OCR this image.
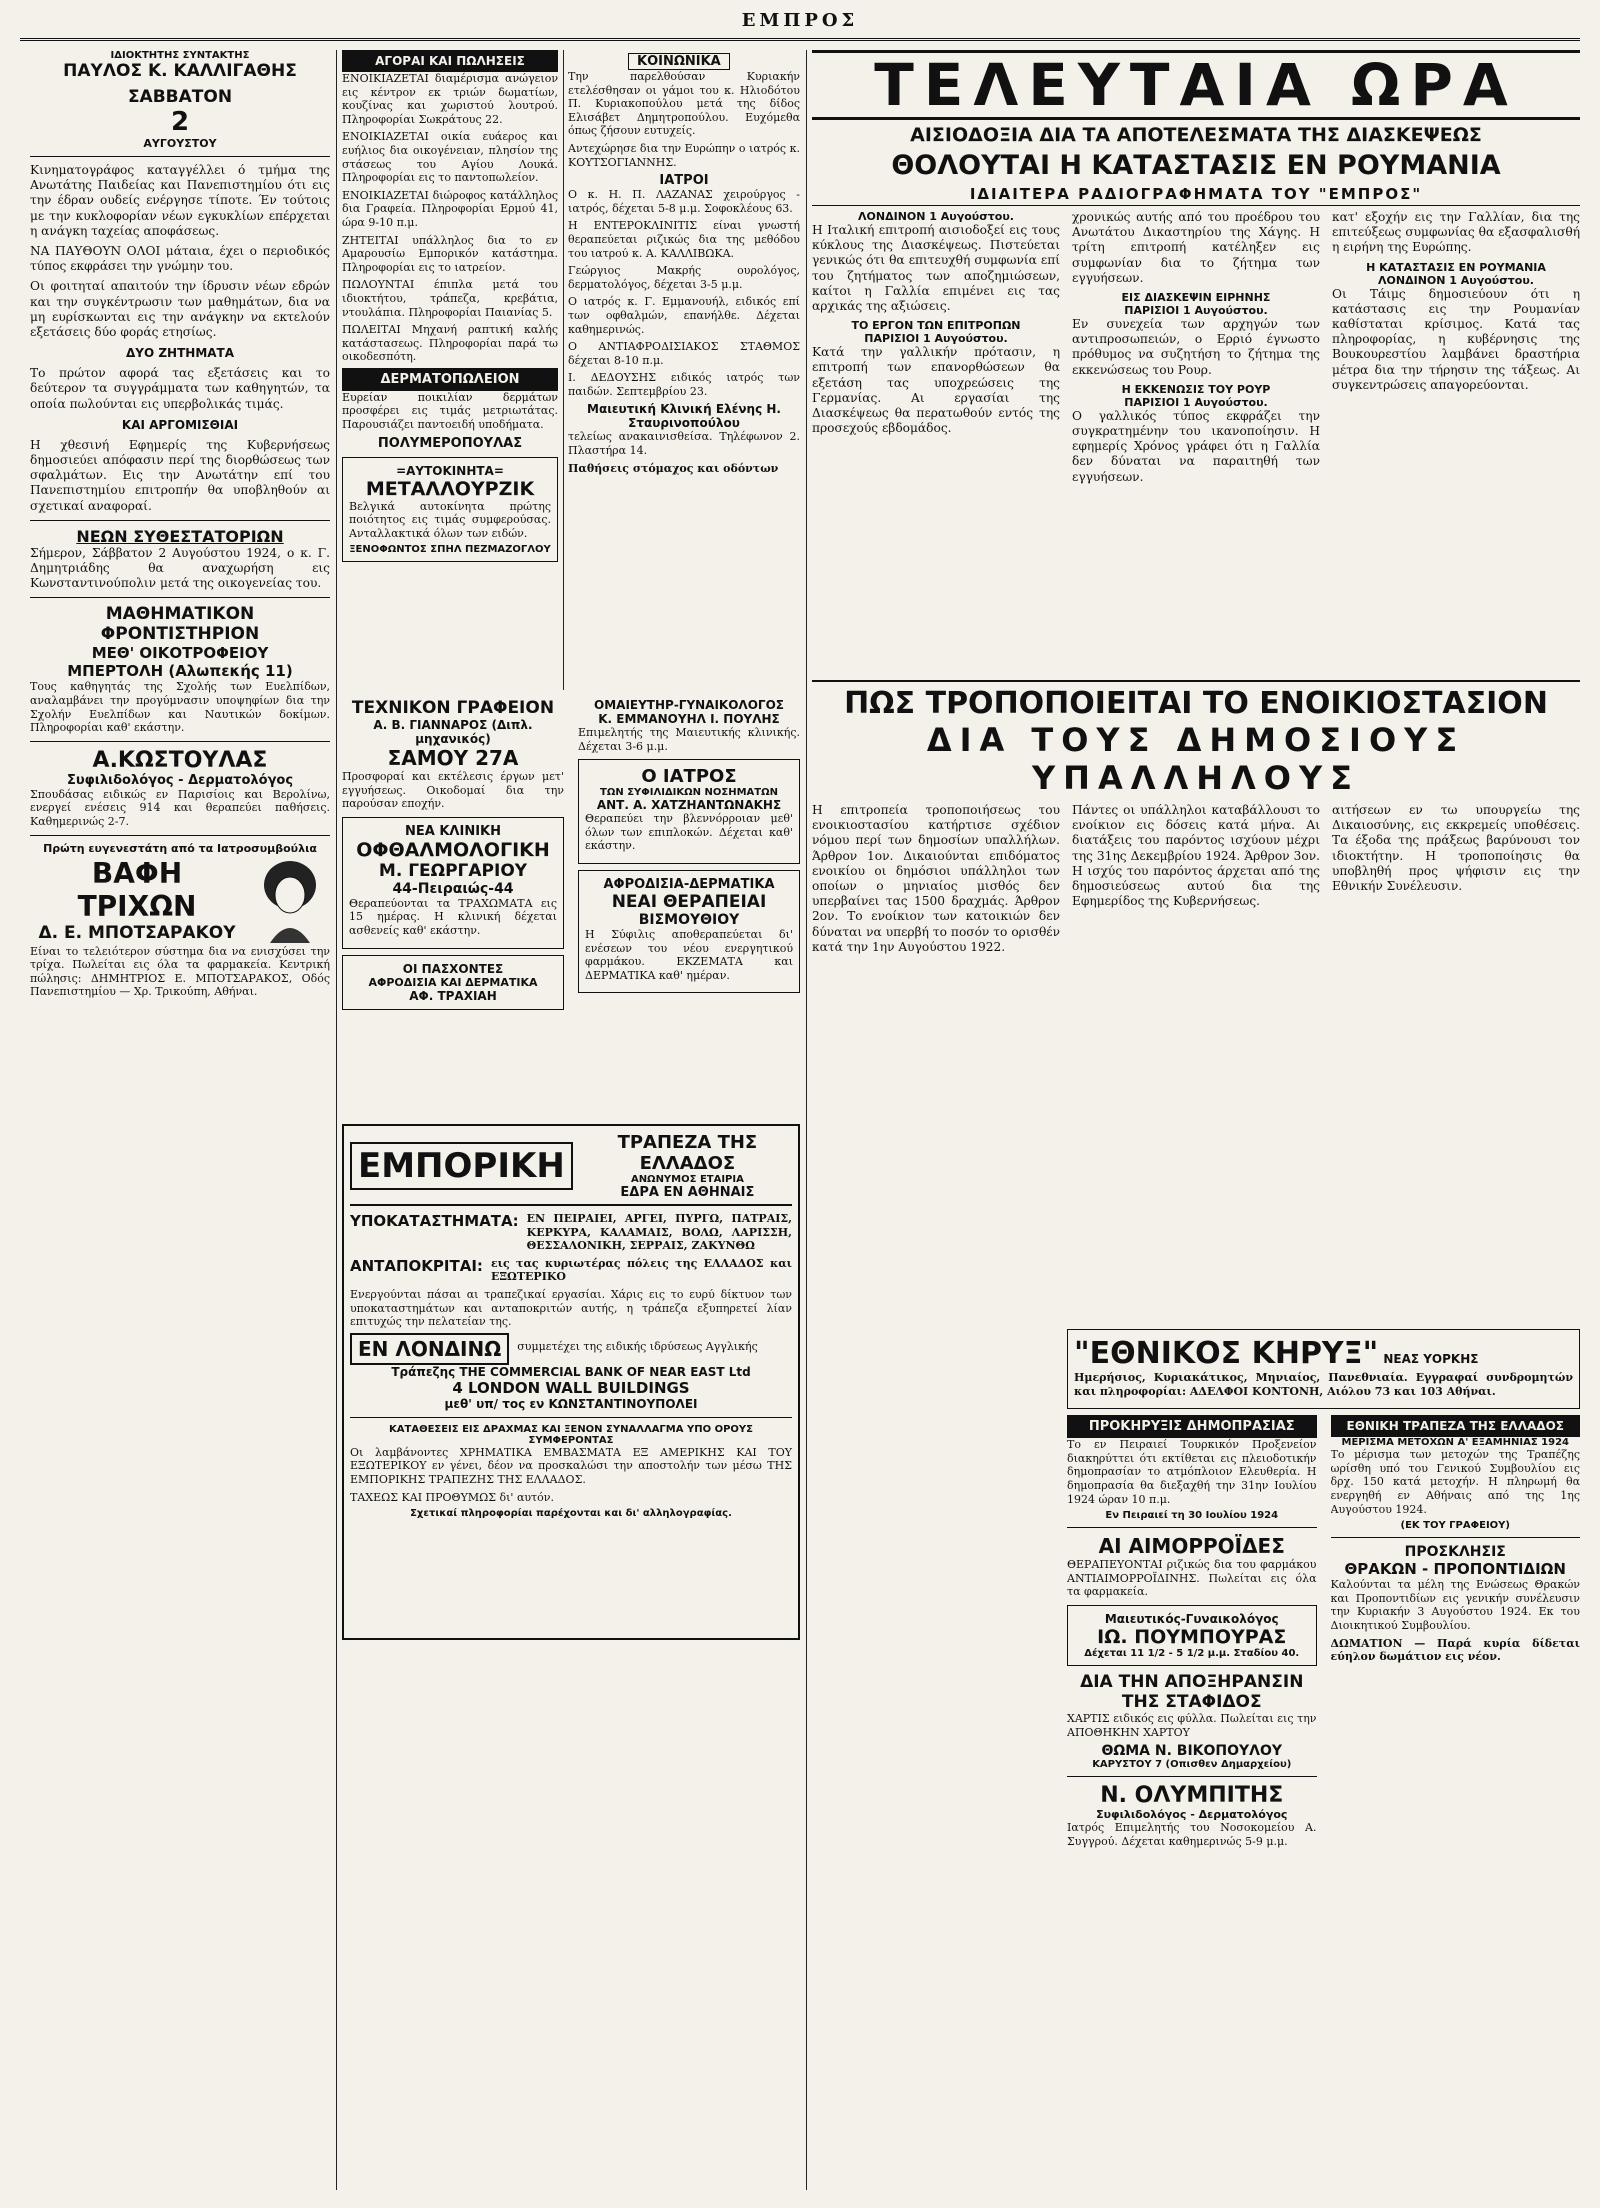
ΕΜΠΡΟΣ
ΙΔΙΟΚΤΗΤΗΣ ΣΥΝΤΑΚΤΗΣ
ΠΑΥΛΟΣ Κ. ΚΑΛΛΙΓΑΘΗΣ
ΣΑΒΒΑΤΟΝ
2
ΑΥΓΟΥΣΤΟΥ

Κινηματογράφος καταγγέλλει ό τμήμα της Ανωτάτης Παιδείας και Πανεπιστημίου ότι εις την έδραν ουδείς ενέργησε τίποτε. Έν τούτοις με την κυκλοφορίαν νέων εγκυκλίων επέρχεται η ανάγκη ταχείας αποφάσεως.

ΝΑ ΠΑΥΘΟΥΝ ΟΛΟΙ μάταια, έχει ο περιοδικός τύπος εκφράσει την γνώμην του.

Οι φοιτηταί απαιτούν την ίδρυσιν νέων εδρών και την συγκέντρωσιν των μαθημάτων, δια να μη ευρίσκωνται εις την ανάγκην να εκτελούν εξετάσεις δύο φοράς ετησίως.

ΔΥΟ ΖΗΤΗΜΑΤΑ

Το πρώτον αφορά τας εξετάσεις και το δεύτερον τα συγγράμματα των καθηγητών, τα οποία πωλούνται εις υπερβολικάς τιμάς.

ΚΑΙ ΑΡΓΟΜΙΣΘΙΑΙ

Η χθεσινή Εφημερίς της Κυβερνήσεως δημοσιεύει απόφασιν περί της διορθώσεως των σφαλμάτων. Εις την Ανωτάτην επί του Πανεπιστημίου επιτροπήν θα υποβληθούν αι σχετικαί αναφοραί.

ΝΕΩΝ ΣΥΘΕΣΤΑΤΟΡΙΩΝ

Σήμερον, Σάββατον 2 Αυγούστου 1924, ο κ. Γ. Δημητριάδης θα αναχωρήση εις Κωνσταντινούπολιν μετά της οικογενείας του.

ΜΑΘΗΜΑΤΙΚΟΝ ΦΡΟΝΤΙΣΤΗΡΙΟΝ
ΜΕΘ' ΟΙΚΟΤΡΟΦΕΙΟΥ
ΜΠΕΡΤΟΛΗ (Αλωπεκής 11)

Τους καθηγητάς της Σχολής των Ευελπίδων, αναλαμβάνει την προγύμνασιν υποψηφίων δια την Σχολήν Ευελπίδων και Ναυτικών δοκίμων. Πληροφορίαι καθ' εκάστην.

Α.ΚΩΣΤΟΥΛΑΣ
Συφιλιδολόγος - Δερματολόγος

Σπουδάσας ειδικώς εν Παρισίοις και Βερολίνω, ενεργεί ενέσεις 914 και θεραπεύει παθήσεις. Καθημερινώς 2-7.

Πρώτη ευγενεστάτη από τα Ιατροσυμβούλια
ΒΑΦΗ ΤΡΙΧΩΝ
Δ. Ε. ΜΠΟΤΣΑΡΑΚΟΥ

Είναι το τελειότερον σύστημα δια να ενισχύσει την τρίχα. Πωλείται εις όλα τα φαρμακεία. Κεντρική πώλησις: ΔΗΜΗΤΡΙΟΣ Ε. ΜΠΟΤΣΑΡΑΚΟΣ, Οδός Πανεπιστημίου — Χρ. Τρικούπη, Αθήναι.

ΑΓΟΡΑΙ ΚΑΙ ΠΩΛΗΣΕΙΣ

ΕΝΟΙΚΙΑΖΕΤΑΙ διαμέρισμα ανώγειον εις κέντρον εκ τριών δωματίων, κουζίνας και χωριστού λουτρού. Πληροφορίαι Σωκράτους 22.

ΕΝΟΙΚΙΑΖΕΤΑΙ οικία ευάερος και ευήλιος δια οικογένειαν, πλησίον της στάσεως του Αγίου Λουκά. Πληροφορίαι εις το παντοπωλείον.

ΕΝΟΙΚΙΑΖΕΤΑΙ διώροφος κατάλληλος δια Γραφεία. Πληροφορίαι Ερμού 41, ώρα 9-10 π.μ.

ΖΗΤΕΙΤΑΙ υπάλληλος δια το εν Αμαρουσίω Εμπορικόν κατάστημα. Πληροφορίαι εις το ιατρείον.

ΠΩΛΟΥΝΤΑΙ έπιπλα μετά του ιδιοκτήτου, τράπεζα, κρεβάτια, ντουλάπια. Πληροφορίαι Παιανίας 5.

ΠΩΛΕΙΤΑΙ Μηχανή ραπτική καλής κατάστασεως. Πληροφορίαι παρά τω οικοδεσπότη.

ΔΕΡΜΑΤΟΠΩΛΕΙΟΝ

Ευρείαν ποικιλίαν δερμάτων προσφέρει εις τιμάς μετριωτάτας. Παρουσιάζει παντοειδή υποδήματα.

ΠΟΛΥΜΕΡΟΠΟΥΛΑΣ
=ΑΥΤΟΚΙΝΗΤΑ=
ΜΕΤΑΛΛΟΥΡΖΙΚ

Βελγικά αυτοκίνητα πρώτης ποιότητος εις τιμάς συμφερούσας. Ανταλλακτικά όλων των ειδών.

ΞΕΝΟΦΩΝΤΟΣ ΣΠΗΛ ΠΕΖΜΑΖΟΓΛΟΥ
ΚΟΙΝΩΝΙΚΑ

Την παρελθούσαν Κυριακήν ετελέσθησαν οι γάμοι του κ. Ηλιοδότου Π. Κυριακοπούλου μετά της δίδος Ελισάβετ Δημητροπούλου. Ευχόμεθα όπως ζήσουν ευτυχείς.

Αντεχώρησε δια την Ευρώπην ο ιατρός κ. ΚΟΥΤΣΟΓΙΑΝΝΗΣ.

ΙΑΤΡΟΙ

Ο κ. Η. Π. ΛΑΖΑΝΑΣ χειρούργος - ιατρός, δέχεται 5-8 μ.μ. Σοφοκλέους 63.

Η ΕΝΤΕΡΟΚΛΙΝΙΤΙΣ είναι γνωστή θεραπεύεται ριζικώς δια της μεθόδου του ιατρού κ. Α. ΚΑΛΛΙΒΩΚΑ.

Γεώργιος Μακρής ουρολόγος, δερματολόγος, δέχεται 3-5 μ.μ.

Ο ιατρός κ. Γ. Εμμανουήλ, ειδικός επί των οφθαλμών, επανήλθε. Δέχεται καθημερινώς.

Ο ΑΝΤΙΑΦΡΟΔΙΣΙΑΚΟΣ ΣΤΑΘΜΟΣ δέχεται 8-10 π.μ.

Ι. ΔΕΔΟΥΣΗΣ ειδικός ιατρός των παιδών. Σεπτεμβρίου 23.

Μαιευτική Κλινική Ελένης Η. Σταυρινοπούλου

τελείως ανακαινισθείσα. Τηλέφωνον 2. Πλαστήρα 14.

Παθήσεις στόμαχος και οδόντων

ΤΕΧΝΙΚΟΝ ΓΡΑΦΕΙΟΝ
Α. Β. ΓΙΑΝΝΑΡΟΣ (Διπλ. μηχανικός)
ΣΑΜΟΥ 27Α

Προσφοραί και εκτέλεσις έργων μετ' εγγυήσεως. Οικοδομαί δια την παρούσαν εποχήν.

ΝΕΑ ΚΛΙΝΙΚΗ
ΟΦΘΑΛΜΟΛΟΓΙΚΗ
Μ. ΓΕΩΡΓΑΡΙΟΥ
44-Πειραιώς-44

Θεραπεύονται τα ΤΡΑΧΩΜΑΤΑ εις 15 ημέρας. Η κλινική δέχεται ασθενείς καθ' εκάστην.

ΟΙ ΠΑΣΧΟΝΤΕΣ
ΑΦΡΟΔΙΣΙΑ ΚΑΙ ΔΕΡΜΑΤΙΚΑ
ΑΦ. ΤΡΑΧΙΑΗ
ΟΜΑΙΕΥΤΗΡ-ΓΥΝΑΙΚΟΛΟΓΟΣ
Κ. ΕΜΜΑΝΟΥΗΛ Ι. ΠΟΥΛΗΣ

Επιμελητής της Μαιευτικής κλινικής. Δέχεται 3-6 μ.μ.

Ο ΙΑΤΡΟΣ
ΤΩΝ ΣΥΦΙΛΙΔΙΚΩΝ ΝΟΣΗΜΑΤΩΝ
ΑΝΤ. Α. ΧΑΤΖΗΑΝΤΩΝΑΚΗΣ

Θεραπεύει την βλεννόρροιαν μεθ' όλων των επιπλοκών. Δέχεται καθ' εκάστην.

ΑΦΡΟΔΙΣΙΑ-ΔΕΡΜΑΤΙΚΑ
ΝΕΑΙ ΘΕΡΑΠΕΙΑΙ
ΒΙΣΜΟΥΘΙΟΥ

Η Σύφιλις αποθεραπεύεται δι' ενέσεων του νέου ενεργητικού φαρμάκου. ΕΚΖΕΜΑΤΑ και ΔΕΡΜΑΤΙΚΑ καθ' ημέραν.

ΕΜΠΟΡΙΚΗ
ΤΡΑΠΕΖΑ ΤΗΣ ΕΛΛΑΔΟΣ
ΑΝΩΝΥΜΟΣ ΕΤΑΙΡΙΑ
ΕΔΡΑ ΕΝ ΑΘΗΝΑΙΣ
ΥΠΟΚΑΤΑΣΤΗΜΑΤΑ: ΕΝ ΠΕΙΡΑΙΕΙ, ΑΡΓΕΙ, ΠΥΡΓΩ, ΠΑΤΡΑΙΣ, ΚΕΡΚΥΡΑ, ΚΑΛΑΜΑΙΣ, ΒΟΛΩ, ΛΑΡΙΣΣΗ, ΘΕΣΣΑΛΟΝΙΚΗ, ΣΕΡΡΑΙΣ, ΖΑΚΥΝΘΩ

ΑΝΤΑΠΟΚΡΙΤΑΙ: εις τας κυριωτέρας πόλεις της ΕΛΛΑΔΟΣ και ΕΞΩΤΕΡΙΚΟ

Ενεργούνται πάσαι αι τραπεζικαί εργασίαι. Χάρις εις το ευρύ δίκτυον των υποκαταστημάτων και ανταποκριτών αυτής, η τράπεζα εξυπηρετεί λίαν επιτυχώς την πελατείαν της.

ΕΝ ΛΟΝΔΙΝΩ	συμμετέχει της ειδικής ιδρύσεως Αγγλικής

Τράπεζης THE COMMERCIAL BANK OF NEAR EAST Ltd
4 LONDON WALL BUILDINGS
μεθ' υπ/ τος εν ΚΩΝΣΤΑΝΤΙΝΟΥΠΟΛΕΙ
ΚΑΤΑΘΕΣΕΙΣ ΕΙΣ ΔΡΑΧΜΑΣ ΚΑΙ ΞΕΝΟΝ ΣΥΝΑΛΛΑΓΜΑ ΥΠΟ ΟΡΟΥΣ ΣΥΜΦΕΡΟΝΤΑΣ

Οι λαμβάνοντες ΧΡΗΜΑΤΙΚΑ ΕΜΒΑΣΜΑΤΑ ΕΞ ΑΜΕΡΙΚΗΣ ΚΑΙ ΤΟΥ ΕΞΩΤΕΡΙΚΟΥ εν γένει, δέον να προσκαλώσι την αποστολήν των μέσω ΤΗΣ ΕΜΠΟΡΙΚΗΣ ΤΡΑΠΕΖΗΣ ΤΗΣ ΕΛΛΑΔΟΣ.

ΤΑΧΕΩΣ ΚΑΙ ΠΡΟΘΥΜΩΣ δι' αυτόν.

Σχετικαί πληροφορίαι παρέχονται και δι' αλληλογραφίας.
ΤΕΛΕΥΤΑΙΑ ΩΡΑ
ΑΙΣΙΟΔΟΞΙΑ ΔΙΑ ΤΑ ΑΠΟΤΕΛΕΣΜΑΤΑ ΤΗΣ ΔΙΑΣΚΕΨΕΩΣ
ΘΟΛΟΥΤΑΙ Η ΚΑΤΑΣΤΑΣΙΣ ΕΝ ΡΟΥΜΑΝΙΑ
ΙΔΙΑΙΤΕΡΑ ΡΑΔΙΟΓΡΑΦΗΜΑΤΑ ΤΟΥ "ΕΜΠΡΟΣ"
ΛΟΝΔΙΝΟΝ 1 Αυγούστου.

Η Ιταλική επιτροπή αισιοδοξεί εις τους κύκλους της Διασκέψεως. Πιστεύεται γενικώς ότι θα επιτευχθή συμφωνία επί του ζητήματος των αποζημιώσεων, καίτοι η Γαλλία επιμένει εις τας αρχικάς της αξιώσεις.

ΤΟ ΕΡΓΟΝ ΤΩΝ ΕΠΙΤΡΟΠΩΝ
ΠΑΡΙΣΙΟΙ 1 Αυγούστου.

Κατά την γαλλικήν πρότασιν, η επιτροπή των επανορθώσεων θα εξετάση τας υποχρεώσεις της Γερμανίας. Αι εργασίαι της Διασκέψεως θα περατωθούν εντός της προσεχούς εβδομάδος.

χρονικώς αυτής από του προέδρου του Ανωτάτου Δικαστηρίου της Χάγης. Η τρίτη επιτροπή κατέληξεν εις συμφωνίαν δια το ζήτημα των εγγυήσεων.

ΕΙΣ ΔΙΑΣΚΕΨΙΝ ΕΙΡΗΝΗΣ
ΠΑΡΙΣΙΟΙ 1 Αυγούστου.

Εν συνεχεία των αρχηγών των αντιπροσωπειών, ο Ερριό έγνωστο πρόθυμος να συζητήση το ζήτημα της εκκενώσεως του Ρουρ.

Η ΕΚΚΕΝΩΣΙΣ ΤΟΥ ΡΟΥΡ
ΠΑΡΙΣΙΟΙ 1 Αυγούστου.

Ο γαλλικός τύπος εκφράζει την συγκρατημένην του ικανοποίησιν. Η εφημερίς Χρόνος γράφει ότι η Γαλλία δεν δύναται να παραιτηθή των εγγυήσεων.

κατ' εξοχήν εις την Γαλλίαν, δια της επιτεύξεως συμφωνίας θα εξασφαλισθή η ειρήνη της Ευρώπης.

Η ΚΑΤΑΣΤΑΣΙΣ ΕΝ ΡΟΥΜΑΝΙΑ
ΛΟΝΔΙΝΟΝ 1 Αυγούστου.

Οι Τάιμς δημοσιεύουν ότι η κατάστασις εις την Ρουμανίαν καθίσταται κρίσιμος. Κατά τας πληροφορίας, η κυβέρνησις της Βουκουρεστίου λαμβάνει δραστήρια μέτρα δια την τήρησιν της τάξεως. Αι συγκεντρώσεις απαγορεύονται.

ΠΩΣ ΤΡΟΠΟΠΟΙΕΙΤΑΙ ΤΟ ΕΝΟΙΚΙΟΣΤΑΣΙΟΝ
ΔΙΑ ΤΟΥΣ ΔΗΜΟΣΙΟΥΣ ΥΠΑΛΛΗΛΟΥΣ

Η επιτροπεία τροποποιήσεως του ενοικιοστασίου κατήρτισε σχέδιον νόμου περί των δημοσίων υπαλλήλων. Άρθρον 1ον. Δικαιούνται επιδόματος ενοικίου οι δημόσιοι υπάλληλοι των οποίων ο μηνιαίος μισθός δεν υπερβαίνει τας 1500 δραχμάς. Άρθρον 2ον. Το ενοίκιον των κατοικιών δεν δύναται να υπερβή το ποσόν το ορισθέν κατά την 1ην Αυγούστου 1922.

Πάντες οι υπάλληλοι καταβάλλουσι το ενοίκιον εις δόσεις κατά μήνα. Αι διατάξεις του παρόντος ισχύουν μέχρι της 31ης Δεκεμβρίου 1924. Άρθρον 3ον. Η ισχύς του παρόντος άρχεται από της δημοσιεύσεως αυτού δια της Εφημερίδος της Κυβερνήσεως.

αιτήσεων εν τω υπουργείω της Δικαιοσύνης, εις εκκρεμείς υποθέσεις. Τα έξοδα της πράξεως βαρύνουσι τον ιδιοκτήτην. Η τροποποίησις θα υποβληθή προς ψήφισιν εις την Εθνικήν Συνέλευσιν.

"ΕΘΝΙΚΟΣ ΚΗΡΥΞ" ΝΕΑΣ ΥΟΡΚΗΣ

Ημερήσιος, Κυριακάτικος, Μηνιαίος, Πανεθνιαία. Εγγραφαί συνδρομητών και πληροφορίαι: ΑΔΕΛΦΟΙ ΚΟΝΤΟΝΗ, Αιόλου 73 και 103 Αθήναι.

ΠΡΟΚΗΡΥΞΙΣ ΔΗΜΟΠΡΑΣΙΑΣ

Το εν Πειραιεί Τουρκικόν Προξενείον διακηρύττει ότι εκτίθεται εις πλειοδοτικήν δημοπρασίαν το ατμόπλοιον Ελευθερία. Η δημοπρασία θα διεξαχθή την 31ην Ιουλίου 1924 ώραν 10 π.μ.

Εν Πειραιεί τη 30 Ιουλίου 1924
ΑΙ ΑΙΜΟΡΡΟΪΔΕΣ

ΘΕΡΑΠΕΥΟΝΤΑΙ ριζικώς δια του φαρμάκου ΑΝΤΙΑΙΜΟΡΡΟΪΔΙΝΗΣ. Πωλείται εις όλα τα φαρμακεία.

Μαιευτικός-Γυναικολόγος
ΙΩ. ΠΟΥΜΠΟΥΡΑΣ
Δέχεται 11 1/2 - 5 1/2 μ.μ. Σταδίου 40.
ΔΙΑ ΤΗΝ ΑΠΟΞΗΡΑΝΣΙΝ ΤΗΣ ΣΤΑΦΙΔΟΣ

ΧΑΡΤΙΣ ειδικός εις φύλλα. Πωλείται εις την ΑΠΟΘΗΚΗΝ ΧΑΡΤΟΥ

ΘΩΜΑ Ν. ΒΙΚΟΠΟΥΛΟΥ
ΚΑΡΥΣΤΟΥ 7 (Οπισθεν Δημαρχείου)
Ν. ΟΛΥΜΠΙΤΗΣ
Συφιλιδολόγος - Δερματολόγος

Ιατρός Επιμελητής του Νοσοκομείου Α. Συγγρού. Δέχεται καθημερινώς 5-9 μ.μ.

ΕΘΝΙΚΗ ΤΡΑΠΕΖΑ ΤΗΣ ΕΛΛΑΔΟΣ
ΜΕΡΙΣΜΑ ΜΕΤΟΧΩΝ Α' ΕΞΑΜΗΝΙΑΣ 1924

Το μέρισμα των μετοχών της Τραπέζης ωρίσθη υπό του Γενικού Συμβουλίου εις δρχ. 150 κατά μετοχήν. Η πληρωμή θα ενεργηθή εν Αθήναις από της 1ης Αυγούστου 1924.

(ΕΚ ΤΟΥ ΓΡΑΦΕΙΟΥ)
ΠΡΟΣΚΛΗΣΙΣ
ΘΡΑΚΩΝ - ΠΡΟΠΟΝΤΙΔΙΩΝ

Καλούνται τα μέλη της Ενώσεως Θρακών και Προποντιδίων εις γενικήν συνέλευσιν την Κυριακήν 3 Αυγούστου 1924. Εκ του Διοικητικού Συμβουλίου.

ΔΩΜΑΤΙΟΝ — Παρά κυρία δίδεται εύηλον δωμάτιον εις νέον.
